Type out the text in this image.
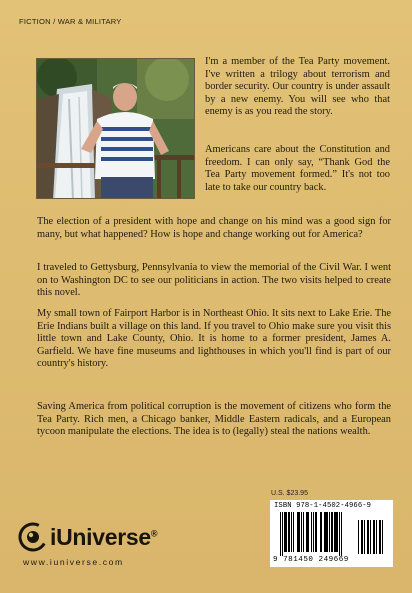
FICTION / WAR & MILITARY

I'm a member of the Tea Party movement. I've written a trilogy about terrorism and border security. Our country is under assault by a new enemy. You will see who that enemy is as you read the story.

Americans care about the Constitution and freedom. I can only say, “Thank God the Tea Party movement formed.” It's not too late to take our country back.

The election of a president with hope and change on his mind was a good sign for many, but what happened? How is hope and change working out for America?

I traveled to Gettysburg, Pennsylvania to view the memorial of the Civil War. I went on to Washington DC to see our politicians in action. The two visits helped to create this novel.

My small town of Fairport Harbor is in Northeast Ohio. It sits next to Lake Erie. The Erie Indians built a village on this land. If you travel to Ohio make sure you visit this little town and Lake County, Ohio. It is home to a former president, James A. Garfield. We have fine museums and lighthouses in which you'll find is part of our country's history.

Saving America from political corruption is the movement of citizens who form the Tea Party. Rich men, a Chicago banker, Middle Eastern radicals, and a European tycoon manipulate the elections. The idea is to (legally) steal the nations wealth.

U.S. $23.95
ISBN 978-1-4502-4966-9
9 781450 249669
iUniverse®
www.iuniverse.com
